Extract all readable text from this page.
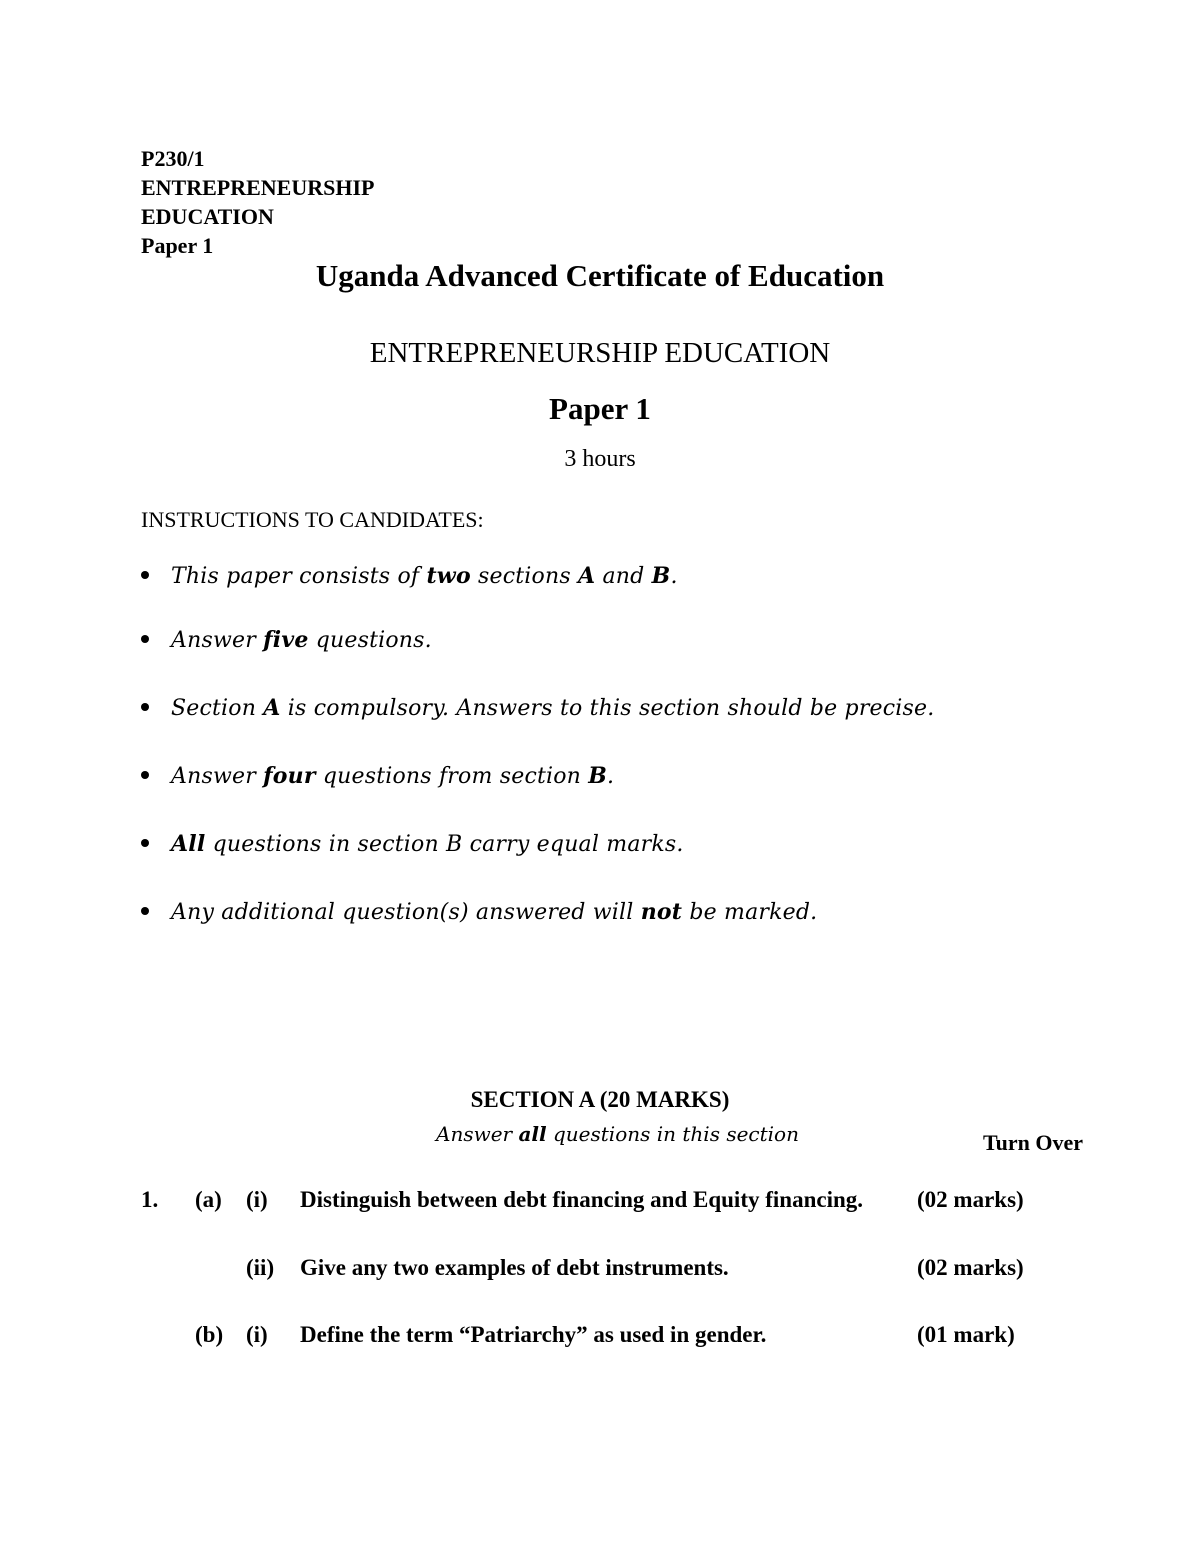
P230/1
ENTREPRENEURSHIP
EDUCATION
Paper 1
Uganda Advanced Certificate of Education
ENTREPRENEURSHIP EDUCATION
Paper 1
3 hours
INSTRUCTIONS TO CANDIDATES:
This paper consists of two sections A and B.
Answer five questions.
Section A is compulsory. Answers to this section should be precise.
Answer four questions from section B.
All questions in section B carry equal marks.
Any additional question(s) answered will not be marked.
SECTION A (20 MARKS)
Answer all questions in this section	Turn Over
1. (a) (i) Distinguish between debt financing and Equity financing. (02 marks)
(ii) Give any two examples of debt instruments.	(02 marks)
(b) (i) Define the term “Patriarchy” as used in gender.	(01 mark)
